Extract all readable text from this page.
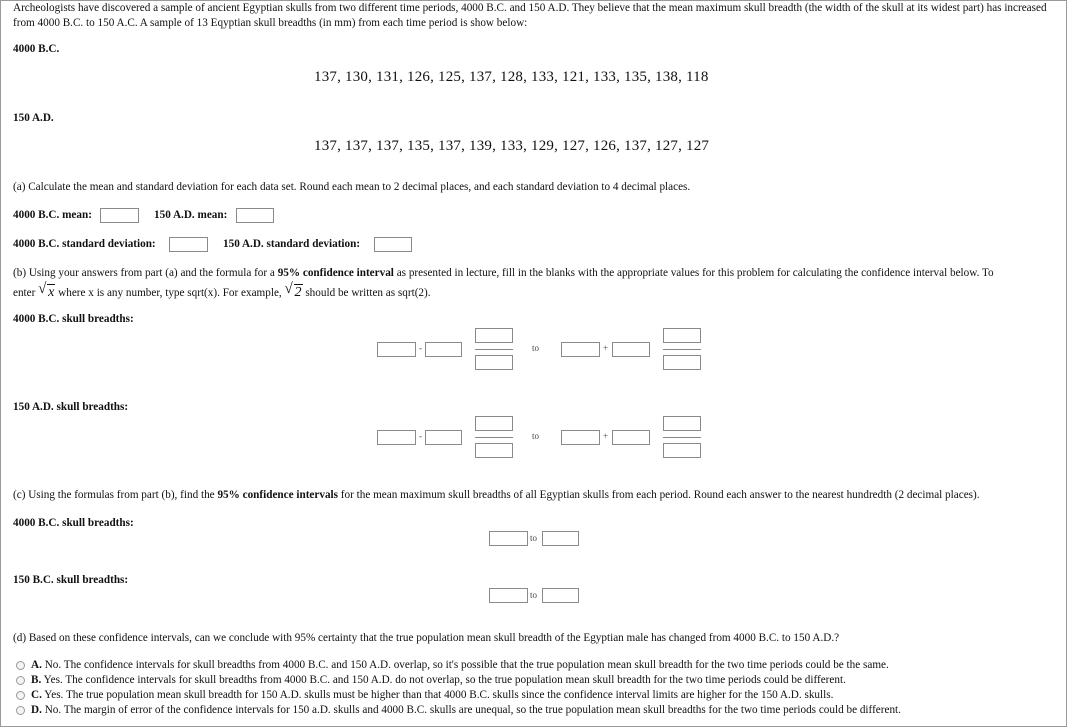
Archeologists have discovered a sample of ancient Egyptian skulls from two different time periods, 4000 B.C. and 150 A.D. They believe that the mean maximum skull breadth (the width of the skull at its widest part) has increased from 4000 B.C. to 150 A.C. A sample of 13 Eqyptian skull breadths (in mm) from each time period is show below:
4000 B.C.
137, 130, 131, 126, 125, 137, 128, 133, 121, 133, 135, 138, 118
150 A.D.
137, 137, 137, 135, 137, 139, 133, 129, 127, 126, 137, 127, 127
(a) Calculate the mean and standard deviation for each data set. Round each mean to 2 decimal places, and each standard deviation to 4 decimal places.
4000 B.C. mean:	150 A.D. mean:
4000 B.C. standard deviation:	150 A.D. standard deviation:
(b) Using your answers from part (a) and the formula for a 95% confidence interval as presented in lecture, fill in the blanks with the appropriate values for this problem for calculating the confidence interval below. To
enter √ x where x is any number, type sqrt(x). For example, √ 2 should be written as sqrt(2).
4000 B.C. skull breadths:
-	to	+
150 A.D. skull breadths:
-	to	+
(c) Using the formulas from part (b), find the 95% confidence intervals for the mean maximum skull breadths of all Egyptian skulls from each period. Round each answer to the nearest hundredth (2 decimal places).
4000 B.C. skull breadths:
to
150 B.C. skull breadths:
to
(d) Based on these confidence intervals, can we conclude with 95% certainty that the true population mean skull breadth of the Egyptian male has changed from 4000 B.C. to 150 A.D.?
A. No. The confidence intervals for skull breadths from 4000 B.C. and 150 A.D. overlap, so it's possible that the true population mean skull breadth for the two time periods could be the same.
B. Yes. The confidence intervals for skull breadths from 4000 B.C. and 150 A.D. do not overlap, so the true population mean skull breadth for the two time periods could be different.
C. Yes. The true population mean skull breadth for 150 A.D. skulls must be higher than that 4000 B.C. skulls since the confidence interval limits are higher for the 150 A.D. skulls.
D. No. The margin of error of the confidence intervals for 150 a.D. skulls and 4000 B.C. skulls are unequal, so the true population mean skull breadths for the two time periods could be different.
